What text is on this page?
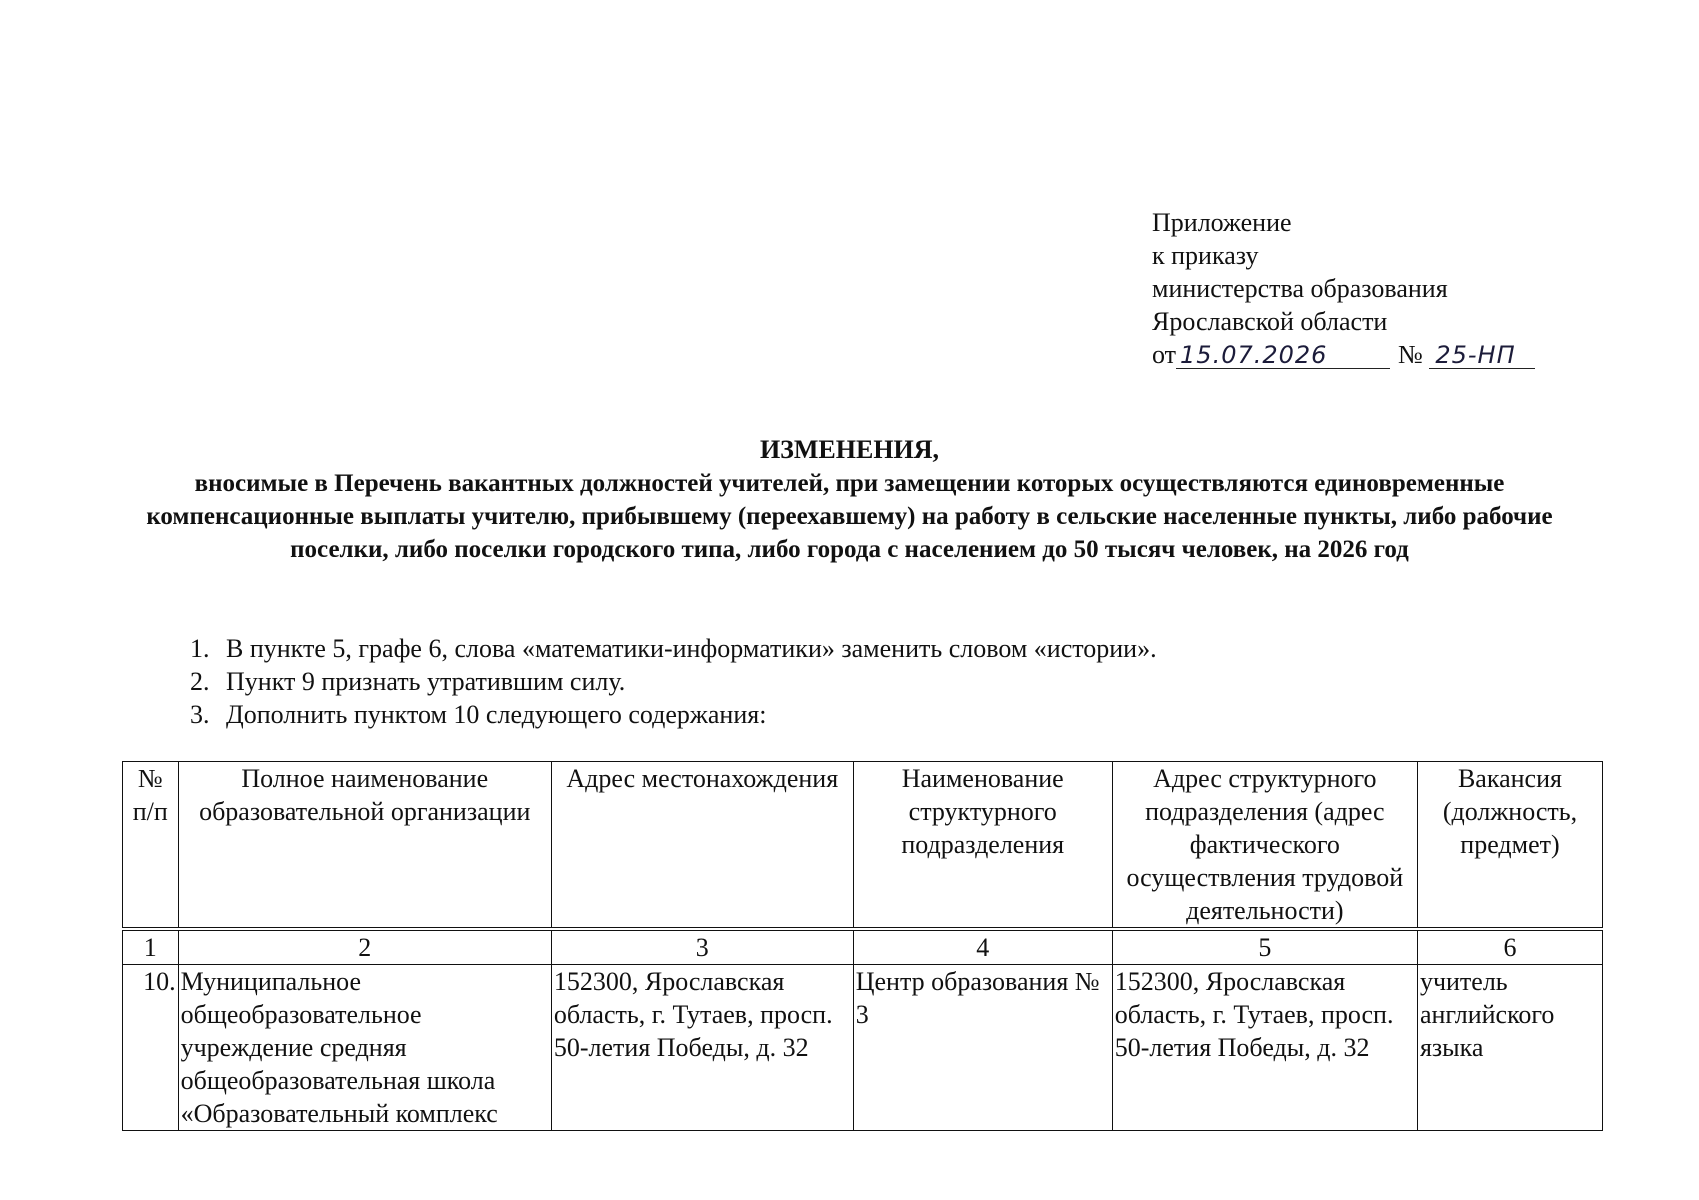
Приложение
к приказу
министерства образования
Ярославской области
от 15.07.2026	№ 25-НП
ИЗМЕНЕНИЯ,
вносимые в Перечень вакантных должностей учителей, при замещении которых осуществляются единовременные компенсационные выплаты учителю, прибывшему (переехавшему) на работу в сельские населенные пункты, либо рабочие поселки, либо поселки городского типа, либо города с населением до 50 тысяч человек, на 2026 год
1. В пункте 5, графе 6, слова «математики-информатики» заменить словом «истории».
2. Пункт 9 признать утратившим силу.
3. Дополнить пунктом 10 следующего содержания:
№ п/п	Полное наименование образовательной организации	Адрес местонахождения	Наименование структурного подразделения	Адрес структурного подразделения (адрес фактического осуществления трудовой деятельности)	Вакансия (должность, предмет)
1	2	3	4	5	6
10.	Муниципальное общеобразовательное учреждение средняя общеобразовательная школа «Образовательный комплекс	152300, Ярославская область, г. Тутаев, просп. 50-летия Победы, д. 32	Центр образования № 3	152300, Ярославская область, г. Тутаев, просп. 50-летия Победы, д. 32	учитель английского языка
